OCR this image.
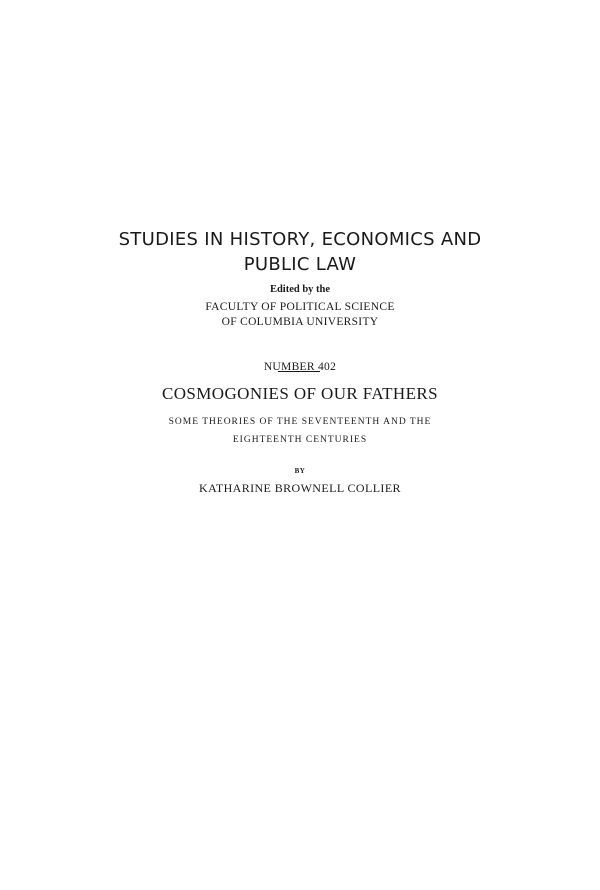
STUDIES IN HISTORY, ECONOMICS AND
PUBLIC LAW
Edited by the
FACULTY OF POLITICAL SCIENCE
OF COLUMBIA UNIVERSITY
NUMBER 402
COSMOGONIES OF OUR FATHERS
SOME THEORIES OF THE SEVENTEENTH AND THE
EIGHTEENTH CENTURIES
BY
KATHARINE BROWNELL COLLIER
